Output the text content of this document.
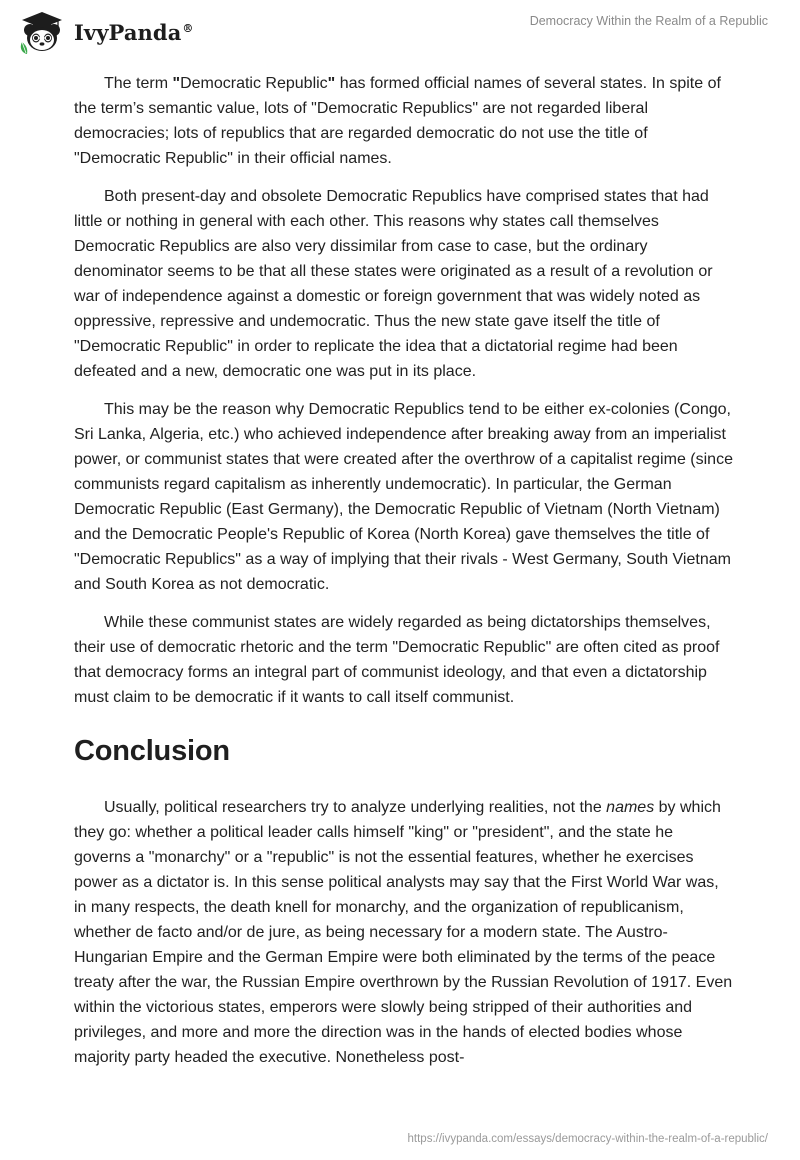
IvyPanda®	Democracy Within the Realm of a Republic

The term "Democratic Republic" has formed official names of several states. In spite of the term’s semantic value, lots of "Democratic Republics" are not regarded liberal democracies; lots of republics that are regarded democratic do not use the title of "Democratic Republic" in their official names.

Both present-day and obsolete Democratic Republics have comprised states that had little or nothing in general with each other. This reasons why states call themselves Democratic Republics are also very dissimilar from case to case, but the ordinary denominator seems to be that all these states were originated as a result of a revolution or war of independence against a domestic or foreign government that was widely noted as oppressive, repressive and undemocratic. Thus the new state gave itself the title of "Democratic Republic" in order to replicate the idea that a dictatorial regime had been defeated and a new, democratic one was put in its place.

This may be the reason why Democratic Republics tend to be either ex-colonies (Congo, Sri Lanka, Algeria, etc.) who achieved independence after breaking away from an imperialist power, or communist states that were created after the overthrow of a capitalist regime (since communists regard capitalism as inherently undemocratic). In particular, the German Democratic Republic (East Germany), the Democratic Republic of Vietnam (North Vietnam) and the Democratic People's Republic of Korea (North Korea) gave themselves the title of "Democratic Republics" as a way of implying that their rivals - West Germany, South Vietnam and South Korea as not democratic.

While these communist states are widely regarded as being dictatorships themselves, their use of democratic rhetoric and the term "Democratic Republic" are often cited as proof that democracy forms an integral part of communist ideology, and that even a dictatorship must claim to be democratic if it wants to call itself communist.

Conclusion

Usually, political researchers try to analyze underlying realities, not the names by which they go: whether a political leader calls himself "king" or "president", and the state he governs a "monarchy" or a "republic" is not the essential features, whether he exercises power as a dictator is. In this sense political analysts may say that the First World War was, in many respects, the death knell for monarchy, and the organization of republicanism, whether de facto and/or de jure, as being necessary for a modern state. The Austro-Hungarian Empire and the German Empire were both eliminated by the terms of the peace treaty after the war, the Russian Empire overthrown by the Russian Revolution of 1917. Even within the victorious states, emperors were slowly being stripped of their authorities and privileges, and more and more the direction was in the hands of elected bodies whose majority party headed the executive. Nonetheless post-

https://ivypanda.com/essays/democracy-within-the-realm-of-a-republic/
